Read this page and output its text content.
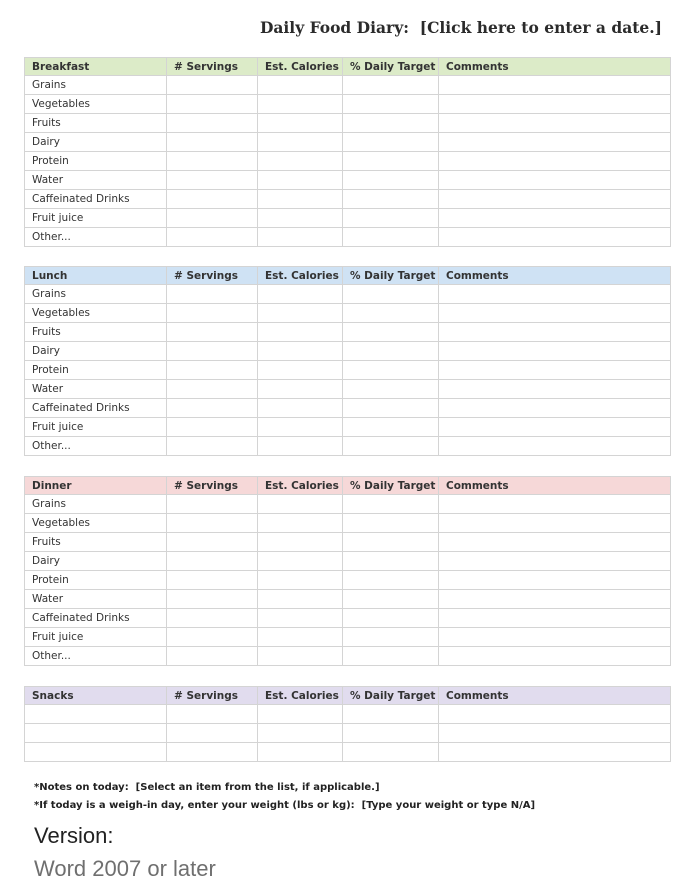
Daily Food Diary: [Click here to enter a date.]
Breakfast	# Servings	Est. Calories	% Daily Target	Comments
Grains				
Vegetables				
Fruits				
Dairy				
Protein				
Water				
Caffeinated Drinks				
Fruit juice				
Other...				
Lunch	# Servings	Est. Calories	% Daily Target	Comments
Grains				
Vegetables				
Fruits				
Dairy				
Protein				
Water				
Caffeinated Drinks				
Fruit juice				
Other...				
Dinner	# Servings	Est. Calories	% Daily Target	Comments
Grains				
Vegetables				
Fruits				
Dairy				
Protein				
Water				
Caffeinated Drinks				
Fruit juice				
Other...				
Snacks	# Servings	Est. Calories	% Daily Target	Comments

*Notes on today: [Select an item from the list, if applicable.]
*If today is a weigh-in day, enter your weight (lbs or kg): [Type your weight or type N/A]
Version:
Word 2007 or later
